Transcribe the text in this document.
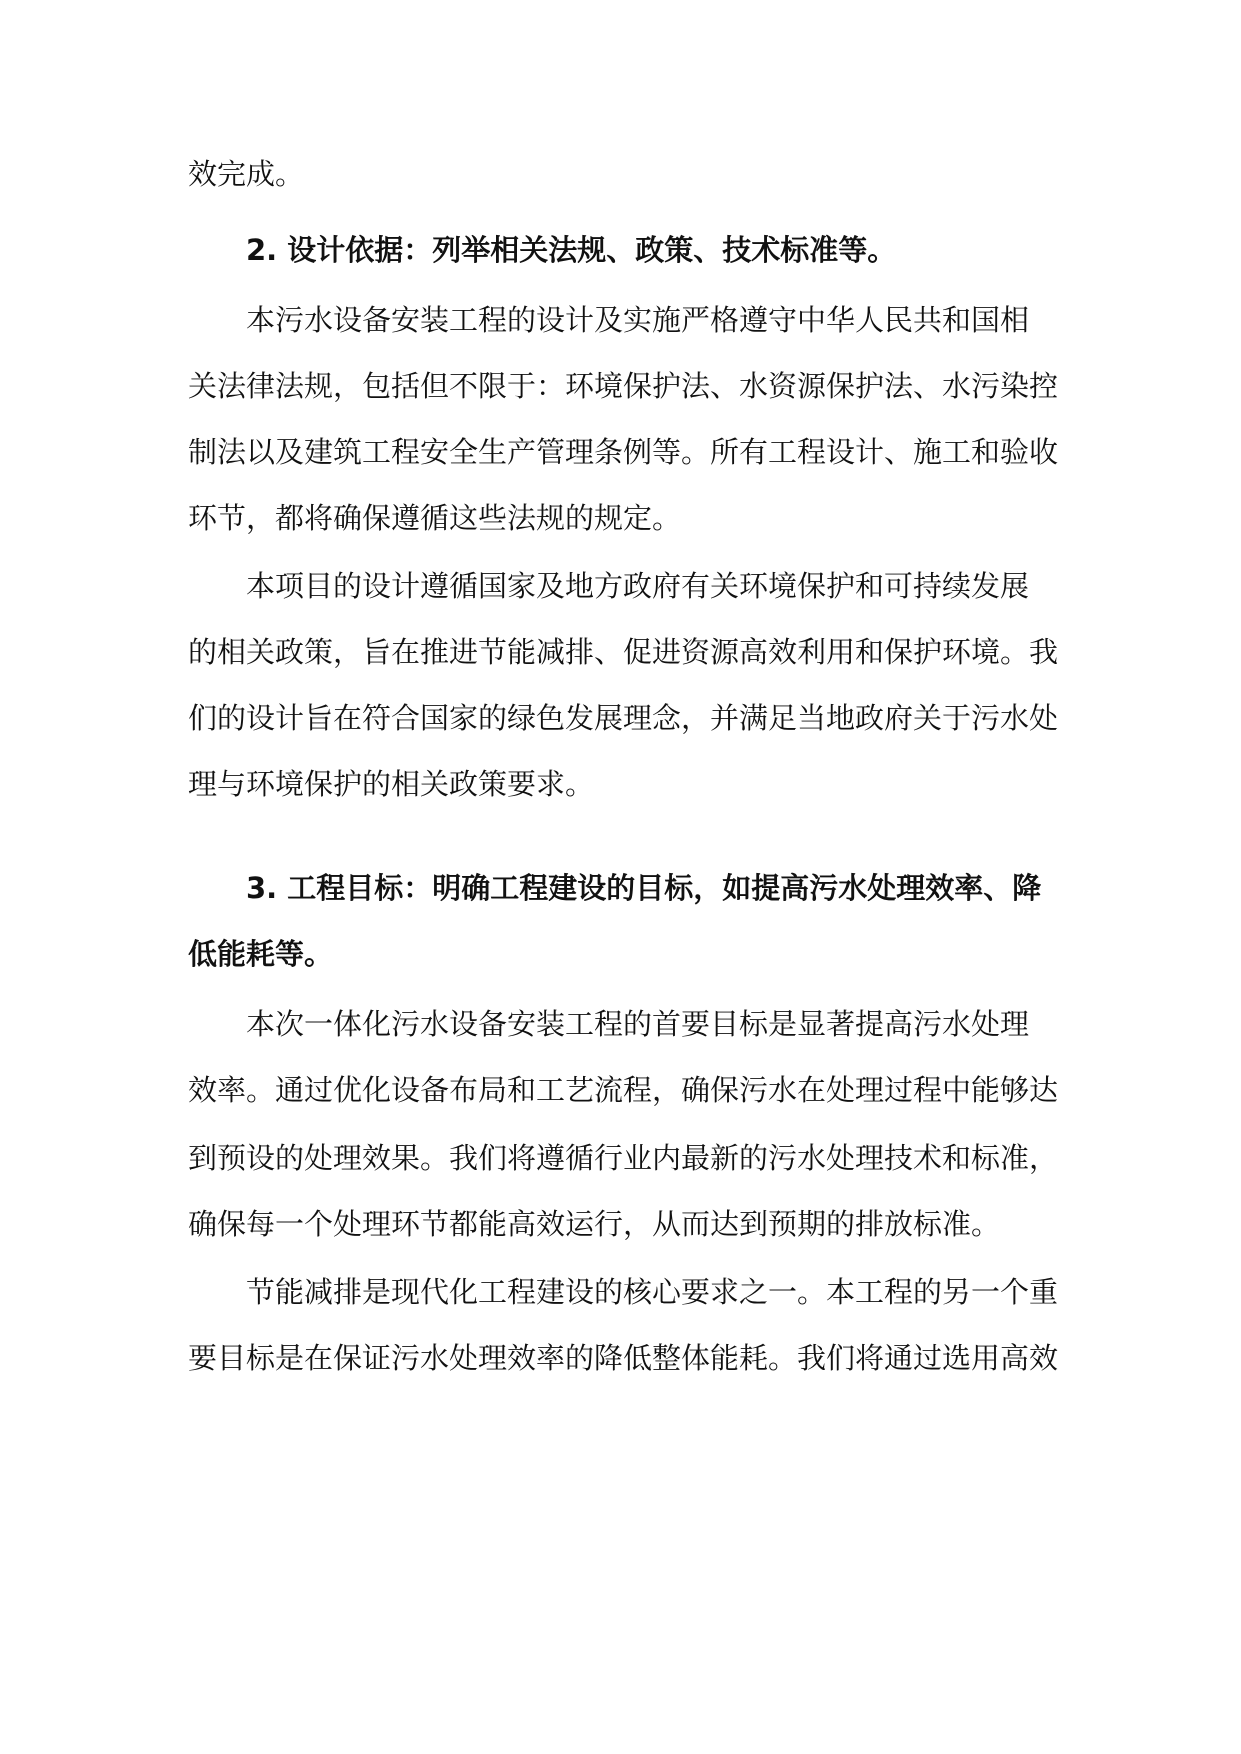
效完成。
2. 设计依据：列举相关法规、政策、技术标准等。
本污水设备安装工程的设计及实施严格遵守中华人民共和国相
关法律法规，包括但不限于：环境保护法、水资源保护法、水污染控
制法以及建筑工程安全生产管理条例等。所有工程设计、施工和验收
环节，都将确保遵循这些法规的规定。
本项目的设计遵循国家及地方政府有关环境保护和可持续发展
的相关政策，旨在推进节能减排、促进资源高效利用和保护环境。我
们的设计旨在符合国家的绿色发展理念，并满足当地政府关于污水处
理与环境保护的相关政策要求。
3. 工程目标：明确工程建设的目标，如提高污水处理效率、降
低能耗等。
本次一体化污水设备安装工程的首要目标是显著提高污水处理
效率。通过优化设备布局和工艺流程，确保污水在处理过程中能够达
到预设的处理效果。我们将遵循行业内最新的污水处理技术和标准，
确保每一个处理环节都能高效运行，从而达到预期的排放标准。
节能减排是现代化工程建设的核心要求之一。本工程的另一个重
要目标是在保证污水处理效率的降低整体能耗。我们将通过选用高效
